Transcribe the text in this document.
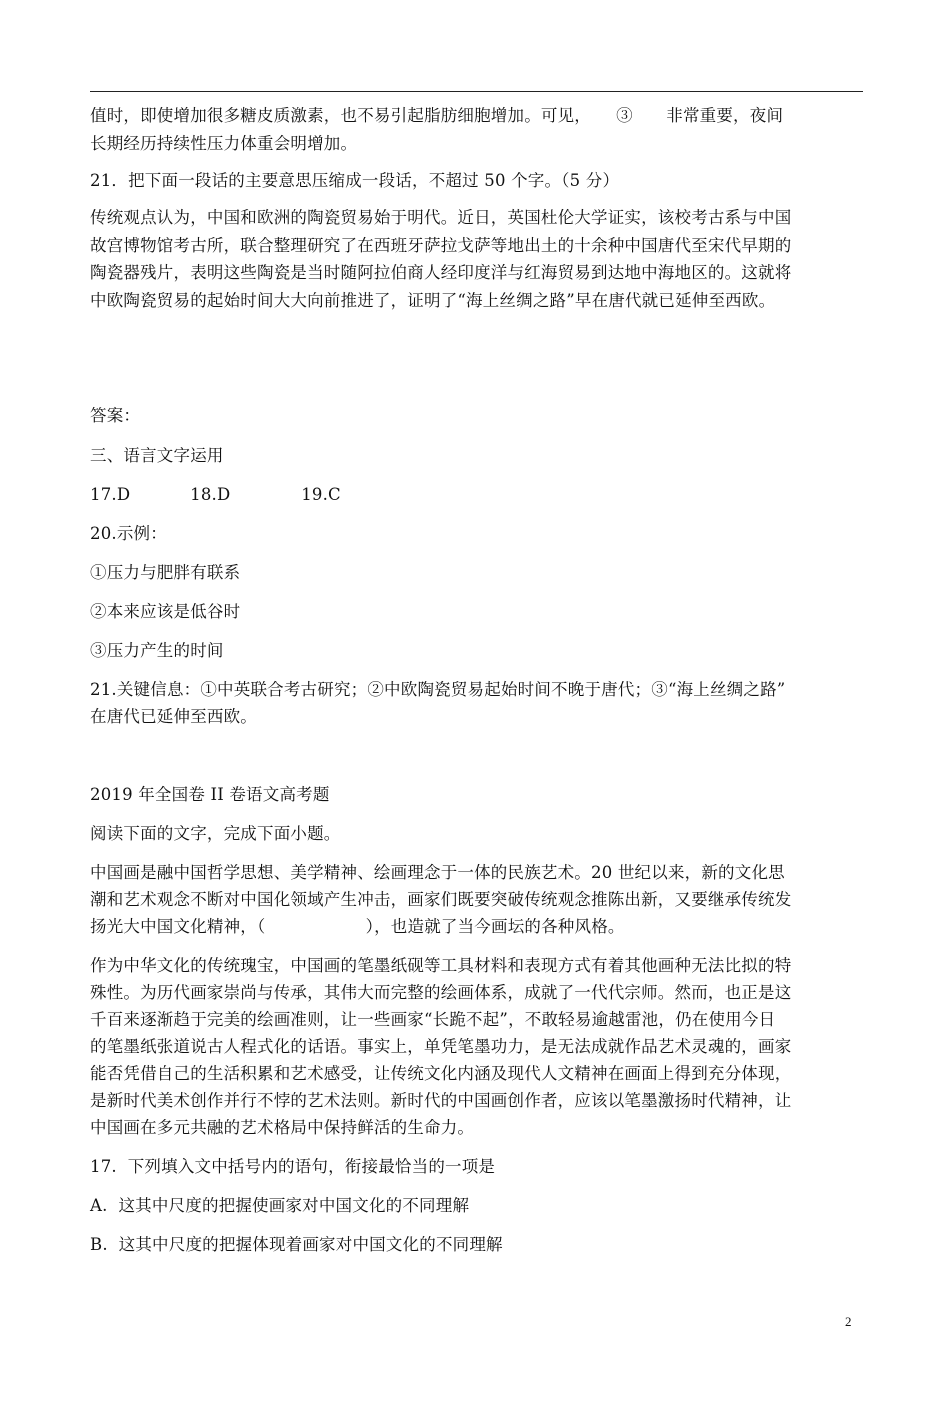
值时，即使增加很多糖皮质激素，也不易引起脂肪细胞增加。可见，　　③　　非常重要，夜间
长期经历持续性压力体重会明增加。
21．把下面一段话的主要意思压缩成一段话，不超过 50 个字。（5 分）
传统观点认为，中国和欧洲的陶瓷贸易始于明代。近日，英国杜伦大学证实，该校考古系与中国
故宫博物馆考古所，联合整理研究了在西班牙萨拉戈萨等地出土的十余种中国唐代至宋代早期的
陶瓷器残片，表明这些陶瓷是当时随阿拉伯商人经印度洋与红海贸易到达地中海地区的。这就将
中欧陶瓷贸易的起始时间大大向前推进了，证明了“海上丝绸之路”早在唐代就已延伸至西欧。
答案：
三、语言文字运用
17.D           18.D             19.C
20.示例：
①压力与肥胖有联系
②本来应该是低谷时
③压力产生的时间
21.关键信息：①中英联合考古研究；②中欧陶瓷贸易起始时间不晚于唐代；③“海上丝绸之路”
在唐代已延伸至西欧。
2019 年全国卷 II 卷语文高考题
阅读下面的文字，完成下面小题。
中国画是融中国哲学思想、美学精神、绘画理念于一体的民族艺术。20 世纪以来，新的文化思
潮和艺术观念不断对中国化领域产生冲击，画家们既要突破传统观念推陈出新，又要继承传统发
扬光大中国文化精神，（　　　　　　），也造就了当今画坛的各种风格。
作为中华文化的传统瑰宝，中国画的笔墨纸砚等工具材料和表现方式有着其他画种无法比拟的特
殊性。为历代画家崇尚与传承，其伟大而完整的绘画体系，成就了一代代宗师。然而，也正是这
千百来逐渐趋于完美的绘画准则，让一些画家“长跪不起”，不敢轻易逾越雷池，仍在使用今日
的笔墨纸张道说古人程式化的话语。事实上，单凭笔墨功力，是无法成就作品艺术灵魂的，画家
能否凭借自己的生活积累和艺术感受，让传统文化内涵及现代人文精神在画面上得到充分体现，
是新时代美术创作并行不悖的艺术法则。新时代的中国画创作者，应该以笔墨激扬时代精神，让
中国画在多元共融的艺术格局中保持鲜活的生命力。
17.  下列填入文中括号内的语句，衔接最恰当的一项是
A.  这其中尺度的把握使画家对中国文化的不同理解
B.  这其中尺度的把握体现着画家对中国文化的不同理解
2
